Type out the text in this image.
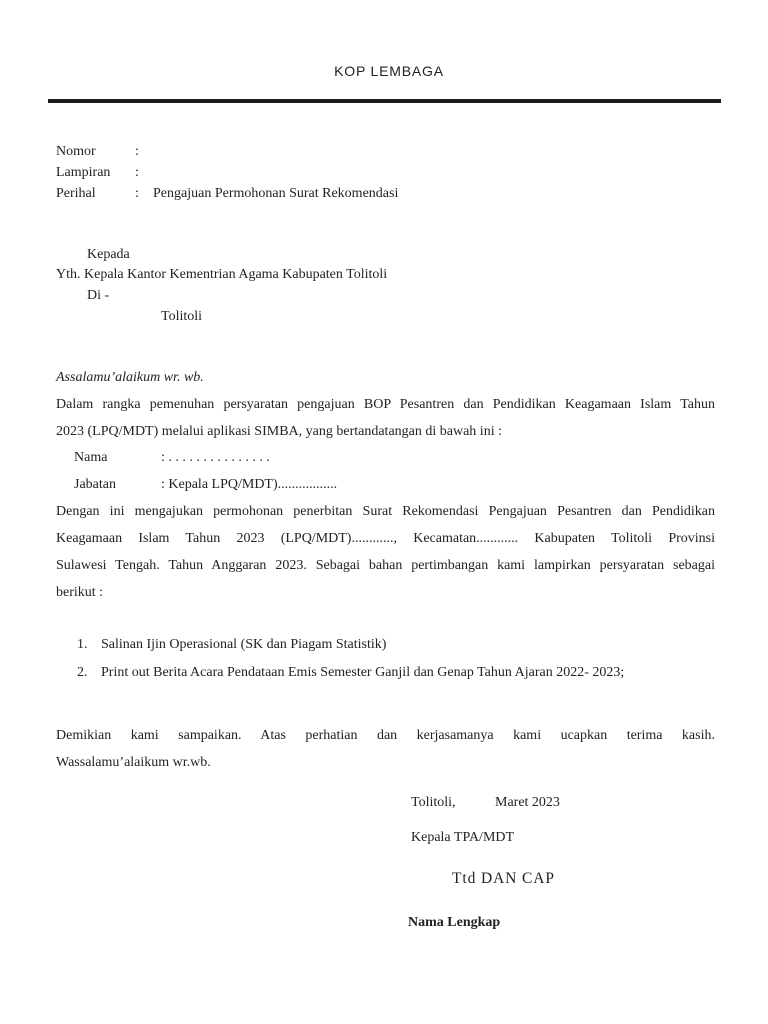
KOP LEMBAGA
Nomor	:
Lampiran :
Perihal	: Pengajuan Permohonan Surat Rekomendasi
Kepada
Yth. Kepala Kantor Kementrian Agama Kabupaten Tolitoli
Di -
Tolitoli
Assalamu’alaikum wr. wb.
Dalam rangka pemenuhan persyaratan pengajuan BOP Pesantren dan Pendidikan Keagamaan Islam Tahun
2023 (LPQ/MDT) melalui aplikasi SIMBA, yang bertandatangan di bawah ini :
Nama	: . . . . . . . . . . . . . . .
Jabatan	: Kepala LPQ/MDT).................
Dengan ini mengajukan permohonan penerbitan Surat Rekomendasi Pengajuan Pesantren dan Pendidikan
Keagamaan Islam Tahun 2023 (LPQ/MDT)............, Kecamatan............ Kabupaten Tolitoli Provinsi
Sulawesi Tengah. Tahun Anggaran 2023. Sebagai bahan pertimbangan kami lampirkan persyaratan sebagai
berikut :
1. Salinan Ijin Operasional (SK dan Piagam Statistik)
2. Print out Berita Acara Pendataan Emis Semester Ganjil dan Genap Tahun Ajaran 2022- 2023;
Demikian kami sampaikan. Atas perhatian dan kerjasamanya kami ucapkan terima kasih.
Wassalamu’alaikum wr.wb.
Tolitoli,	Maret 2023
Kepala TPA/MDT
Ttd DAN CAP
Nama Lengkap
